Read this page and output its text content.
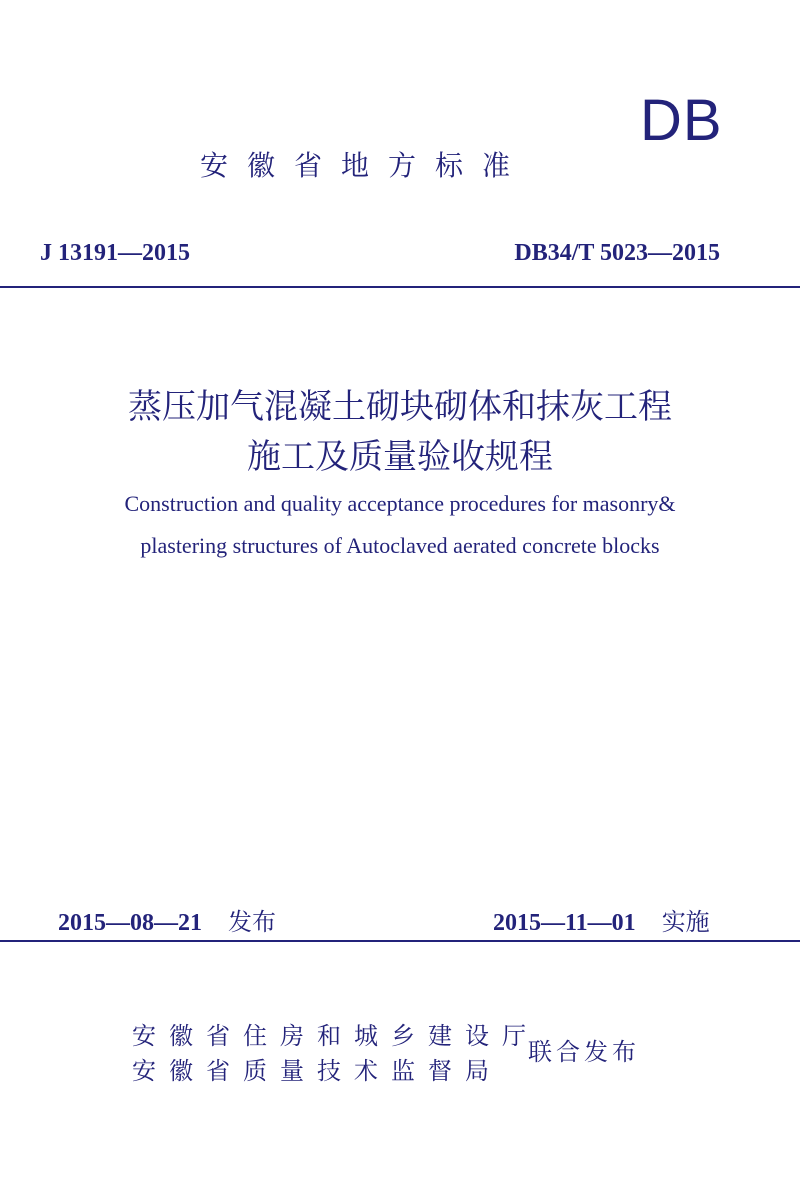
DB
安徽省地方标准
J 13191—2015	DB34/T 5023—2015
蒸压加气混凝土砌块砌体和抹灰工程
施工及质量验收规程
Construction and quality acceptance procedures for masonry&
plastering structures of Autoclaved aerated concrete blocks
2015—08—21 发布	2015—11—01 实施
安徽省住房和城乡建设厅
安徽省质量技术监督局
联合发布
